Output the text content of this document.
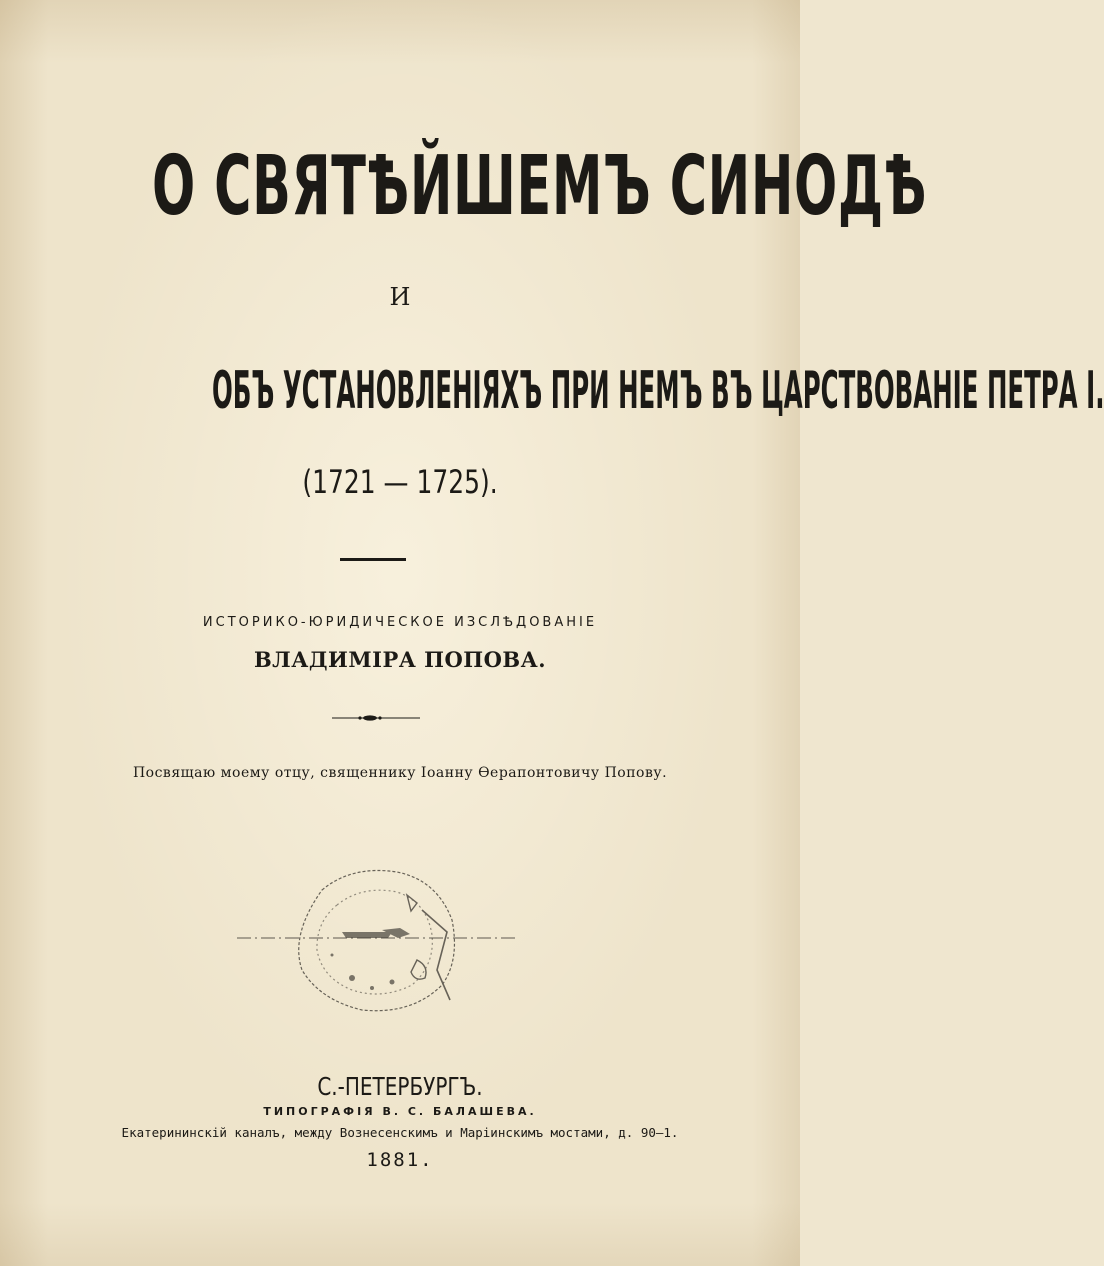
О СВЯТѢЙШЕМЪ СИНОДѢ
И
ОБЪ УСТАНОВЛЕНІЯХЪ ПРИ НЕМЪ ВЪ ЦАРСТВОВАНІЕ ПЕТРА I.
(1721 — 1725).
ИСТОРИКО-ЮРИДИЧЕСКОЕ ИЗСЛѢДОВАНІЕ
ВЛАДИМІРА ПОПОВА.
Посвящаю моему отцу, священнику Іоанну Ѳерапонтовичу Попову.
С.-ПЕТЕРБУРГЪ.
ТИПОГРАФІЯ В. С. БАЛАШЕВА.
Екатерининскій каналъ, между Вознесенскимъ и Маріинскимъ мостами, д. 90—1.
1881.
